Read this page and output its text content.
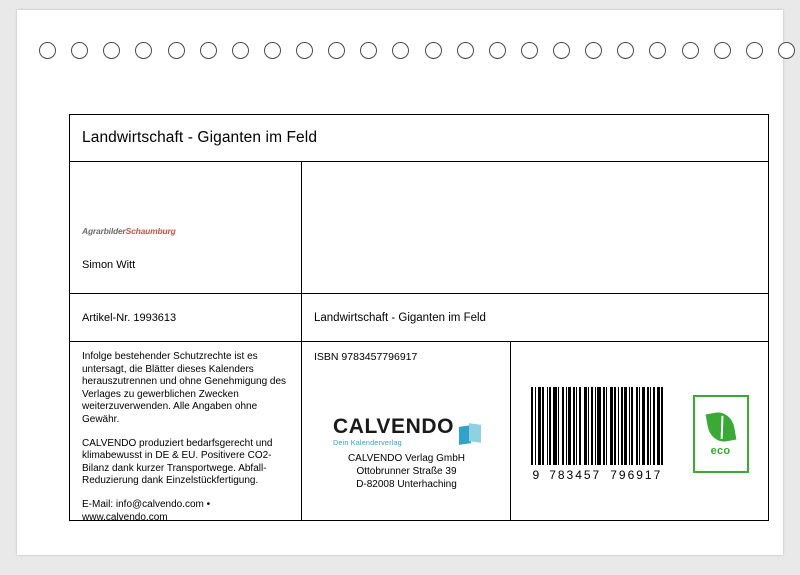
Landwirtschaft - Giganten im Feld
AgrarbilderSchaumburg
Simon Witt
Artikel-Nr. 1993613	Landwirtschaft - Giganten im Feld

Infolge bestehender Schutzrechte ist es untersagt, die Blätter dieses Kalenders herauszutrennen und ohne Genehmigung des Verlages zu gewerblichen Zwecken weiterzuverwenden. Alle Angaben ohne Gewähr.

CALVENDO produziert bedarfsgerecht und klimabewusst in DE & EU. Positivere CO2-Bilanz dank kurzer Transportwege. Abfall-Reduzierung dank Einzelstückfertigung.

E-Mail: info@calvendo.com • www.calvendo.com

ISBN 9783457796917

CALVENDO
Dein Kalenderverlag
CALVENDO Verlag GmbH
Ottobrunner Straße 39
D-82008 Unterhaching
9 783457 796917
eco
